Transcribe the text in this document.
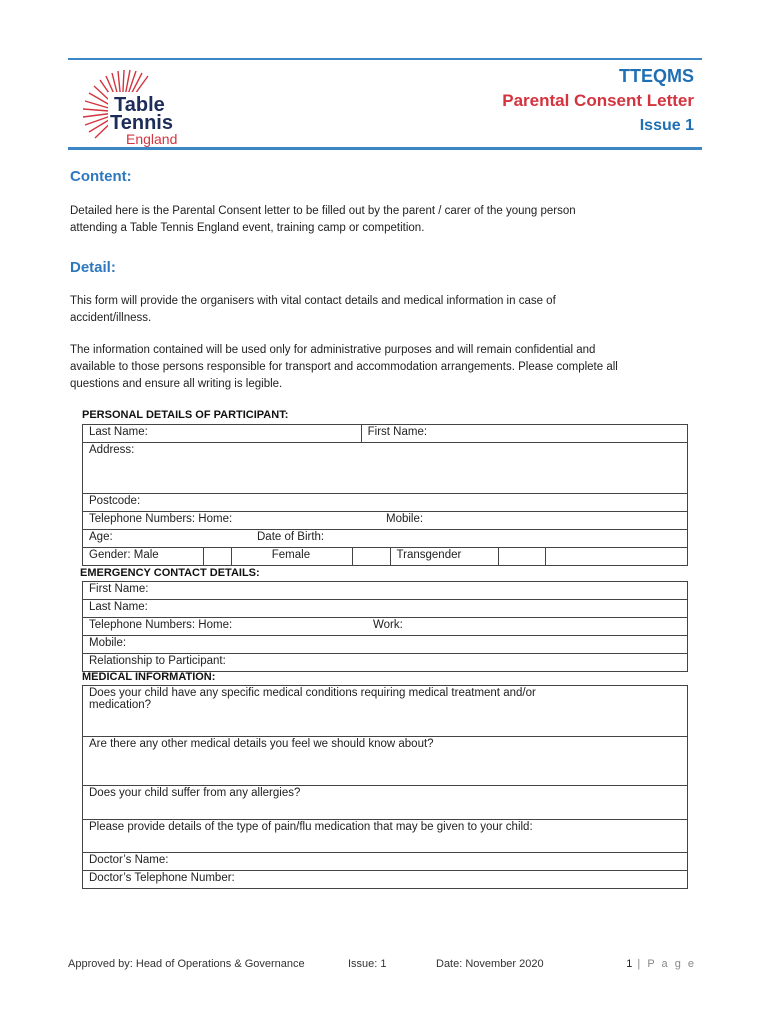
Table
Tennis
England
TTEQMS
Parental Consent Letter
Issue 1
Content:
Detailed here is the Parental Consent letter to be filled out by the parent / carer of the young person
attending a Table Tennis England event, training camp or competition.
Detail:
This form will provide the organisers with vital contact details and medical information in case of
accident/illness.
The information contained will be used only for administrative purposes and will remain confidential and
available to those persons responsible for transport and accommodation arrangements. Please complete all
questions and ensure all writing is legible.
PERSONAL DETAILS OF PARTICIPANT:
Last Name:				First Name:			
Address:							
Postcode:							
Telephone Numbers: Home: Mobile:							

Age: Date of Birth:							

Gender: Male		Female			Transgender		
EMERGENCY CONTACT DETAILS:
First Name:
Last Name:
Telephone Numbers: Home:	Work:

Mobile:
Relationship to Participant:
MEDICAL INFORMATION:
Does your child have any specific medical conditions requiring medical treatment and/or
medication?

Are there any other medical details you feel we should know about?
Does your child suffer from any allergies?
Please provide details of the type of pain/flu medication that may be given to your child:
Doctor’s Name:
Doctor’s Telephone Number:
Approved by: Head of Operations & Governance	Issue: 1	Date: November 2020	1 | P a g e
